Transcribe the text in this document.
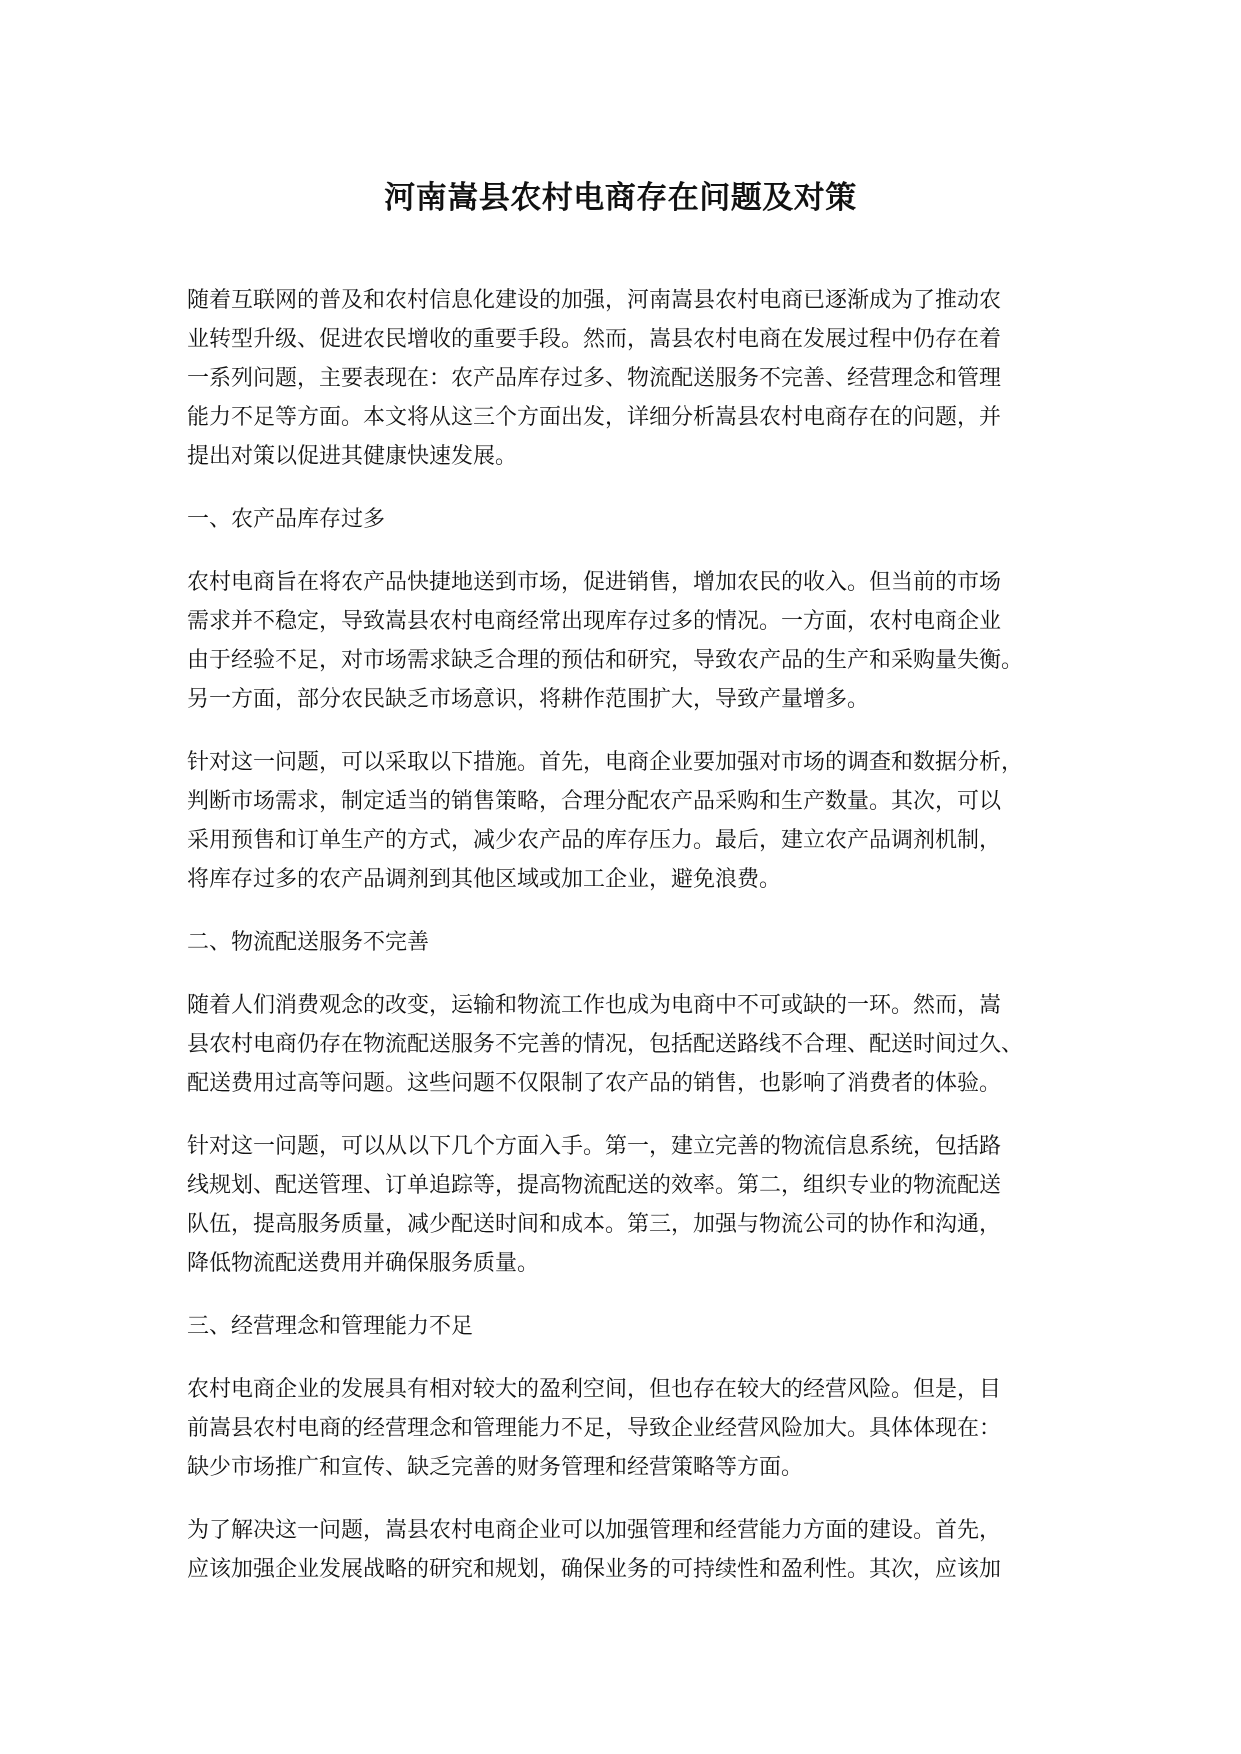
河南嵩县农村电商存在问题及对策

随着互联网的普及和农村信息化建设的加强，河南嵩县农村电商已逐渐成为了推动农
业转型升级、促进农民增收的重要手段。然而，嵩县农村电商在发展过程中仍存在着
一系列问题，主要表现在：农产品库存过多、物流配送服务不完善、经营理念和管理
能力不足等方面。本文将从这三个方面出发，详细分析嵩县农村电商存在的问题，并
提出对策以促进其健康快速发展。

一、农产品库存过多

农村电商旨在将农产品快捷地送到市场，促进销售，增加农民的收入。但当前的市场
需求并不稳定，导致嵩县农村电商经常出现库存过多的情况。一方面，农村电商企业
由于经验不足，对市场需求缺乏合理的预估和研究，导致农产品的生产和采购量失衡。
另一方面，部分农民缺乏市场意识，将耕作范围扩大，导致产量增多。

针对这一问题，可以采取以下措施。首先，电商企业要加强对市场的调查和数据分析，
判断市场需求，制定适当的销售策略，合理分配农产品采购和生产数量。其次，可以
采用预售和订单生产的方式，减少农产品的库存压力。最后，建立农产品调剂机制，
将库存过多的农产品调剂到其他区域或加工企业，避免浪费。

二、物流配送服务不完善

随着人们消费观念的改变，运输和物流工作也成为电商中不可或缺的一环。然而，嵩
县农村电商仍存在物流配送服务不完善的情况，包括配送路线不合理、配送时间过久、
配送费用过高等问题。这些问题不仅限制了农产品的销售，也影响了消费者的体验。

针对这一问题，可以从以下几个方面入手。第一，建立完善的物流信息系统，包括路
线规划、配送管理、订单追踪等，提高物流配送的效率。第二，组织专业的物流配送
队伍，提高服务质量，减少配送时间和成本。第三，加强与物流公司的协作和沟通，
降低物流配送费用并确保服务质量。

三、经营理念和管理能力不足

农村电商企业的发展具有相对较大的盈利空间，但也存在较大的经营风险。但是，目
前嵩县农村电商的经营理念和管理能力不足，导致企业经营风险加大。具体体现在：
缺少市场推广和宣传、缺乏完善的财务管理和经营策略等方面。

为了解决这一问题，嵩县农村电商企业可以加强管理和经营能力方面的建设。首先，
应该加强企业发展战略的研究和规划，确保业务的可持续性和盈利性。其次，应该加
